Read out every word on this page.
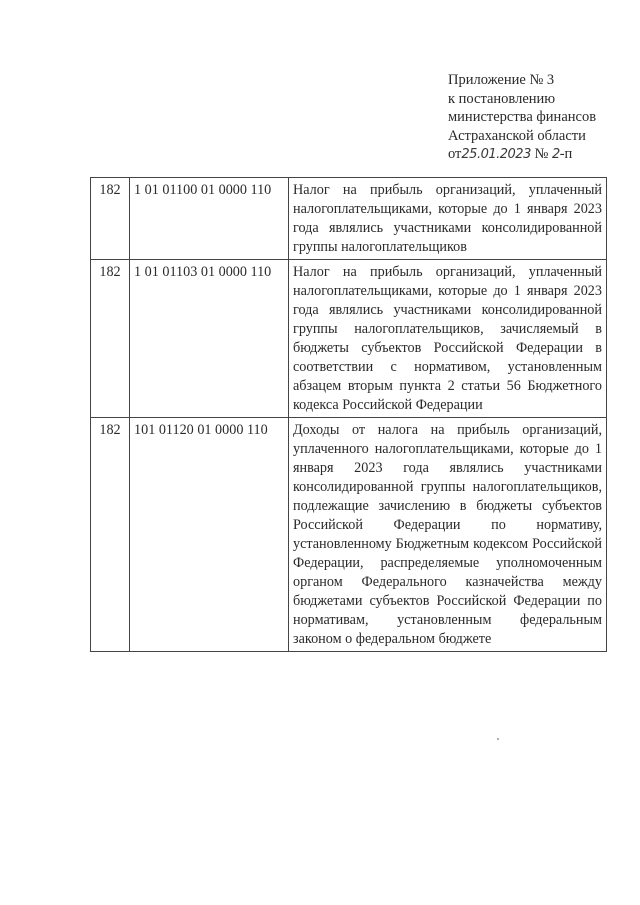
Приложение № 3
к постановлению
министерства финансов
Астраханской области
от25.01.2023 № 2-п
182	1 01 01100 01 0000 110	Налог на прибыль организаций, уплаченный налогоплательщиками, которые до 1 января 2023 года являлись участниками консолидированной группы налогоплательщиков
182	1 01 01103 01 0000 110	Налог на прибыль организаций, уплаченный налогоплательщиками, которые до 1 января 2023 года являлись участниками консолидированной группы налогоплательщиков, зачисляемый в бюджеты субъектов Российской Федерации в соответствии с нормативом, установленным абзацем вторым пункта 2 статьи 56 Бюджетного кодекса Российской Федерации
182	101 01120 01 0000 110	Доходы от налога на прибыль организаций, уплаченного налогоплательщиками, которые до 1 января 2023 года являлись участниками консолидированной группы налогоплательщиков, подлежащие зачислению в бюджеты субъектов Российской Федерации по нормативу, установленному Бюджетным кодексом Российской Федерации, распределяемые уполномоченным органом Федерального казначейства между бюджетами субъектов Российской Федерации по нормативам, установленным федеральным законом о федеральном бюджете
